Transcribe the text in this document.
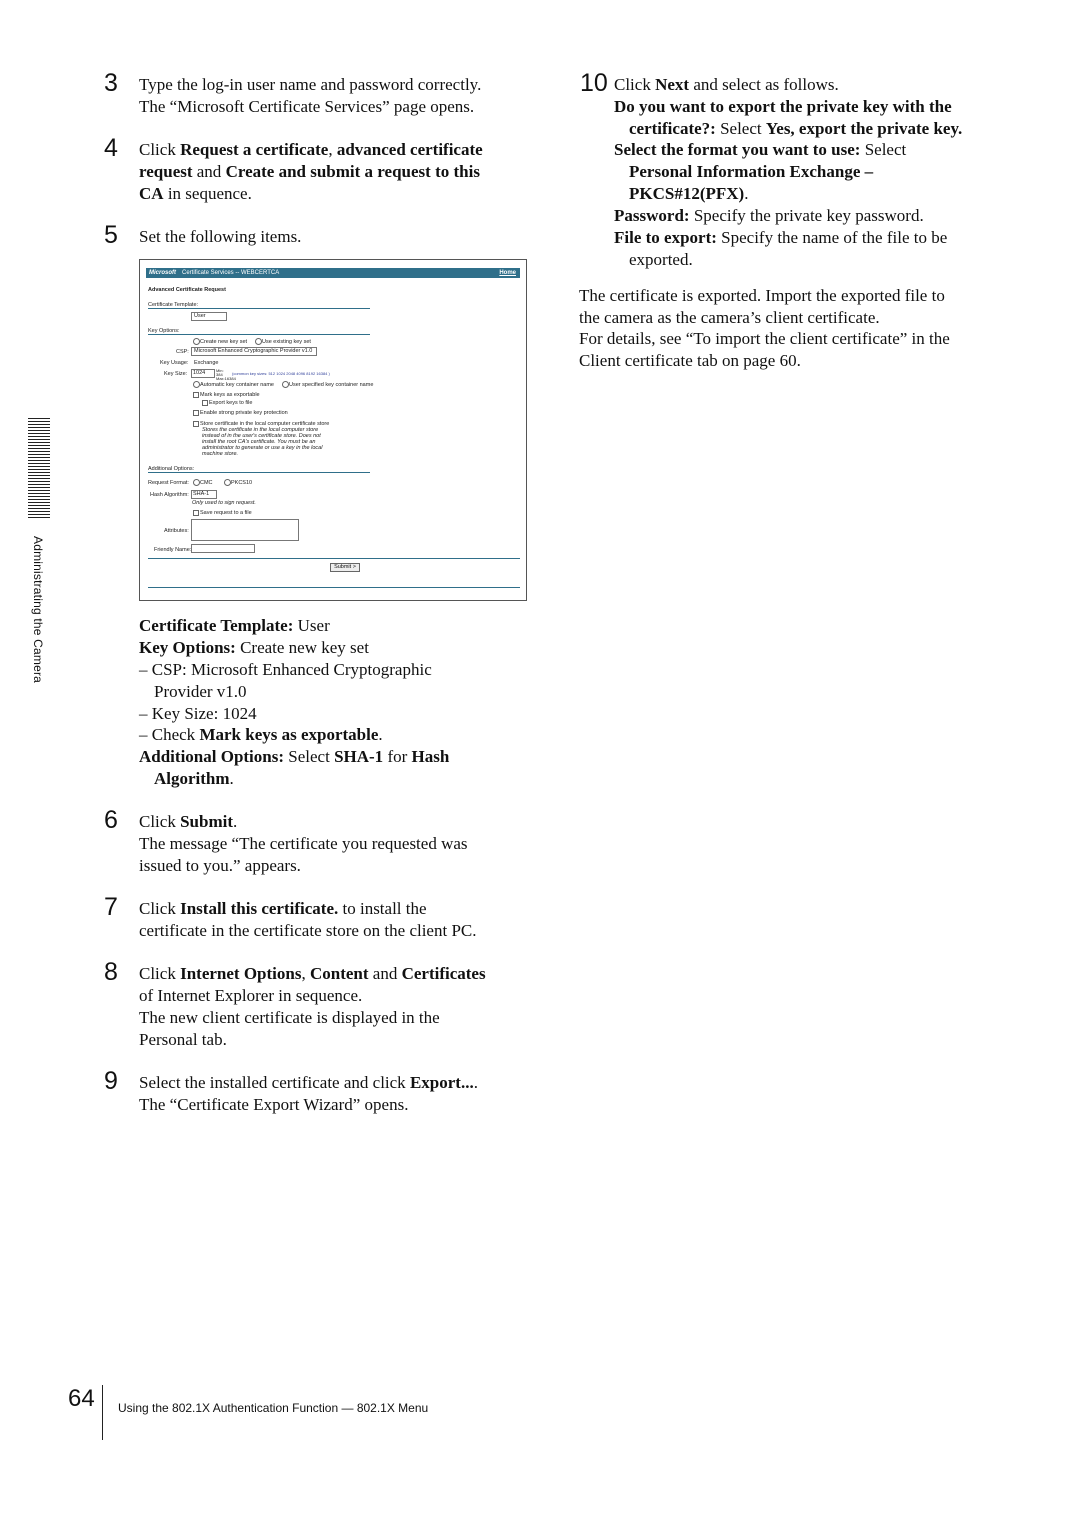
Administrating the Camera
3 Type the log-in user name and password correctly.
The “Microsoft Certificate Services” page opens.
4 Click Request a certificate, advanced certificate
request and Create and submit a request to this
CA in sequence.
5 Set the following items.
Microsoft Certificate Services -- WEBCERTCA	Home
Advanced Certificate Request
Certificate Template:
User
Key Options:
Create new key set	Use existing key set
CSP: Microsoft Enhanced Cryptographic Provider v1.0
Key Usage: Exchange
Key Size: 1024	Min: 384 Max:16384
(common key sizes: 512 1024 2048 4096 8192 16384 )
Automatic key container name	User specified key container name
Mark keys as exportable
Export keys to file
Enable strong private key protection
Store certificate in the local computer certificate store
Stores the certificate in the local computer store
instead of in the user's certificate store. Does not
install the root CA's certificate. You must be an
administrator to generate or use a key in the local
machine store.
Additional Options:
Request Format: CMC	PKCS10
Hash Algorithm: SHA-1
Only used to sign request.
Save request to a file
Attributes:
Friendly Name:
Submit >
Certificate Template: User
Key Options: Create new key set
– CSP: Microsoft Enhanced Cryptographic
Provider v1.0
– Key Size: 1024
– Check Mark keys as exportable.
Additional Options: Select SHA-1 for Hash
Algorithm.
6 Click Submit.
The message “The certificate you requested was
issued to you.” appears.
7 Click Install this certificate. to install the
certificate in the certificate store on the client PC.
8 Click Internet Options, Content and Certificates
of Internet Explorer in sequence.
The new client certificate is displayed in the
Personal tab.
9 Select the installed certificate and click Export....
The “Certificate Export Wizard” opens.
10 Click Next and select as follows.
Do you want to export the private key with the
certificate?: Select Yes, export the private key.
Select the format you want to use: Select
Personal Information Exchange –
PKCS#12(PFX).
Password: Specify the private key password.
File to export: Specify the name of the file to be
exported.
The certificate is exported. Import the exported file to
the camera as the camera’s client certificate.
For details, see “To import the client certificate” in the
Client certificate tab on page 60.
64 Using the 802.1X Authentication Function — 802.1X Menu
